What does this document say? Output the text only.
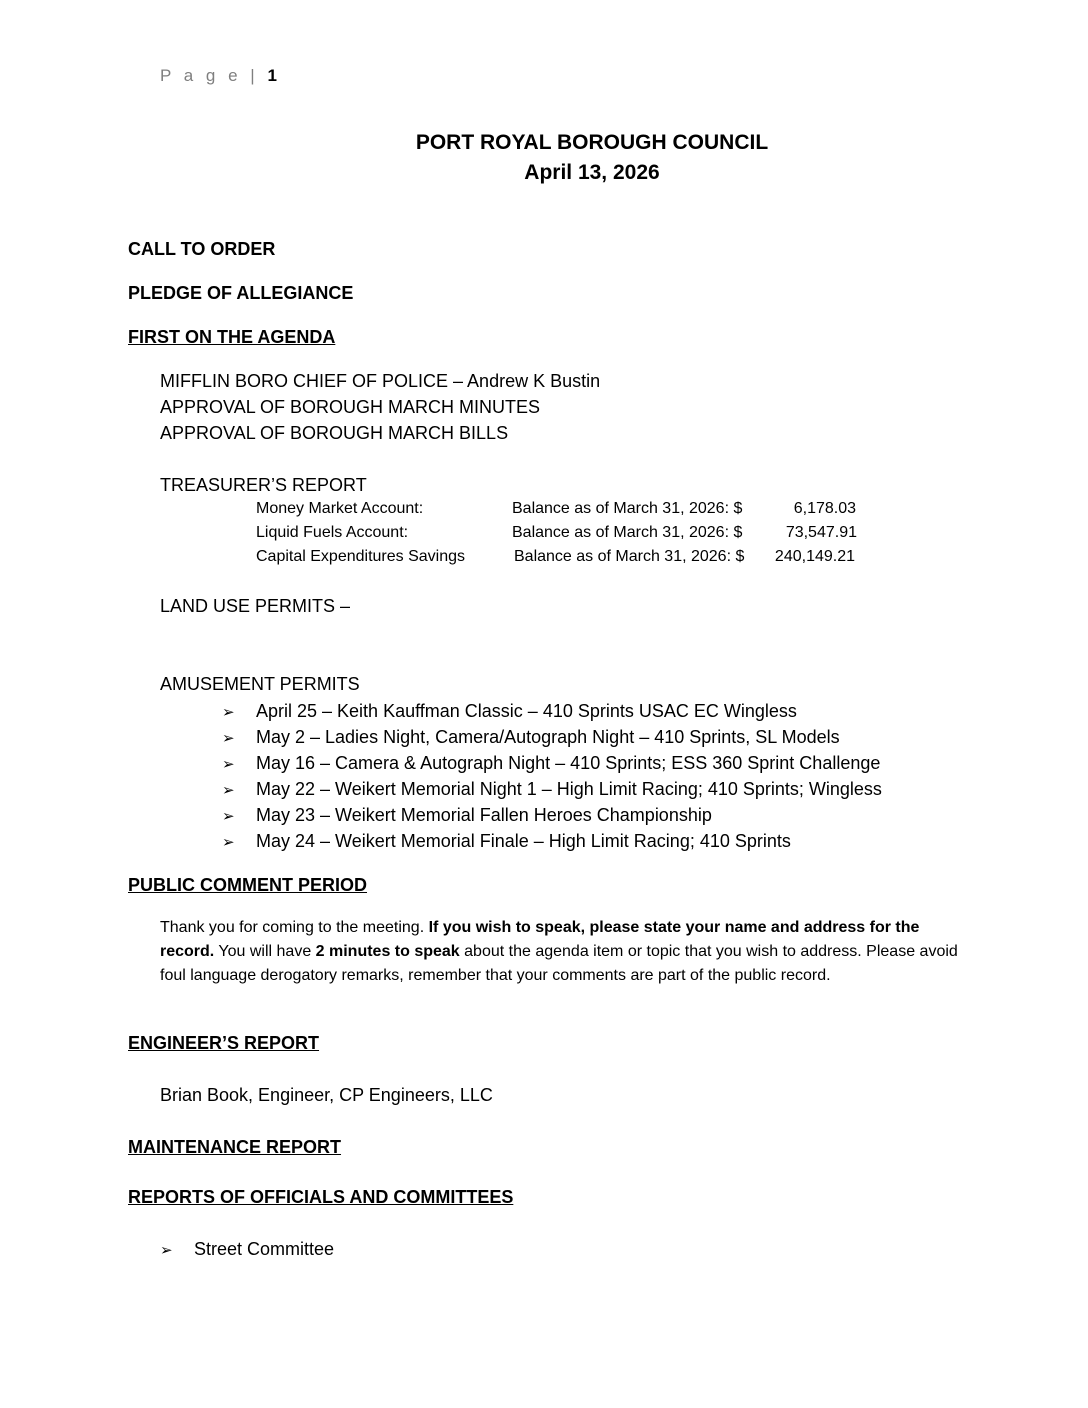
P a g e | 1
PORT ROYAL BOROUGH COUNCIL
April 13, 2026
CALL TO ORDER
PLEDGE OF ALLEGIANCE
FIRST ON THE AGENDA
MIFFLIN BORO CHIEF OF POLICE – Andrew K Bustin
APPROVAL OF BOROUGH MARCH MINUTES
APPROVAL OF BOROUGH MARCH BILLS
TREASURER’S REPORT
Money Market Account:	Balance as of March 31, 2026: $	6,178.03
Liquid Fuels Account:	Balance as of March 31, 2026: $	73,547.91
Capital Expenditures Savings	Balance as of March 31, 2026: $	240,149.21
LAND USE PERMITS –
AMUSEMENT PERMITS
➢ April 25 – Keith Kauffman Classic – 410 Sprints USAC EC Wingless
➢ May 2 – Ladies Night, Camera/Autograph Night – 410 Sprints, SL Models
➢ May 16 – Camera & Autograph Night – 410 Sprints; ESS 360 Sprint Challenge
➢ May 22 – Weikert Memorial Night 1 – High Limit Racing; 410 Sprints; Wingless
➢ May 23 – Weikert Memorial Fallen Heroes Championship
➢ May 24 – Weikert Memorial Finale – High Limit Racing; 410 Sprints
PUBLIC COMMENT PERIOD
Thank you for coming to the meeting. If you wish to speak, please state your name and address for the record. You will have 2 minutes to speak about the agenda item or topic that you wish to address. Please avoid foul language derogatory remarks, remember that your comments are part of the public record.
ENGINEER’S REPORT
Brian Book, Engineer, CP Engineers, LLC
MAINTENANCE REPORT
REPORTS OF OFFICIALS AND COMMITTEES
➢ Street Committee
